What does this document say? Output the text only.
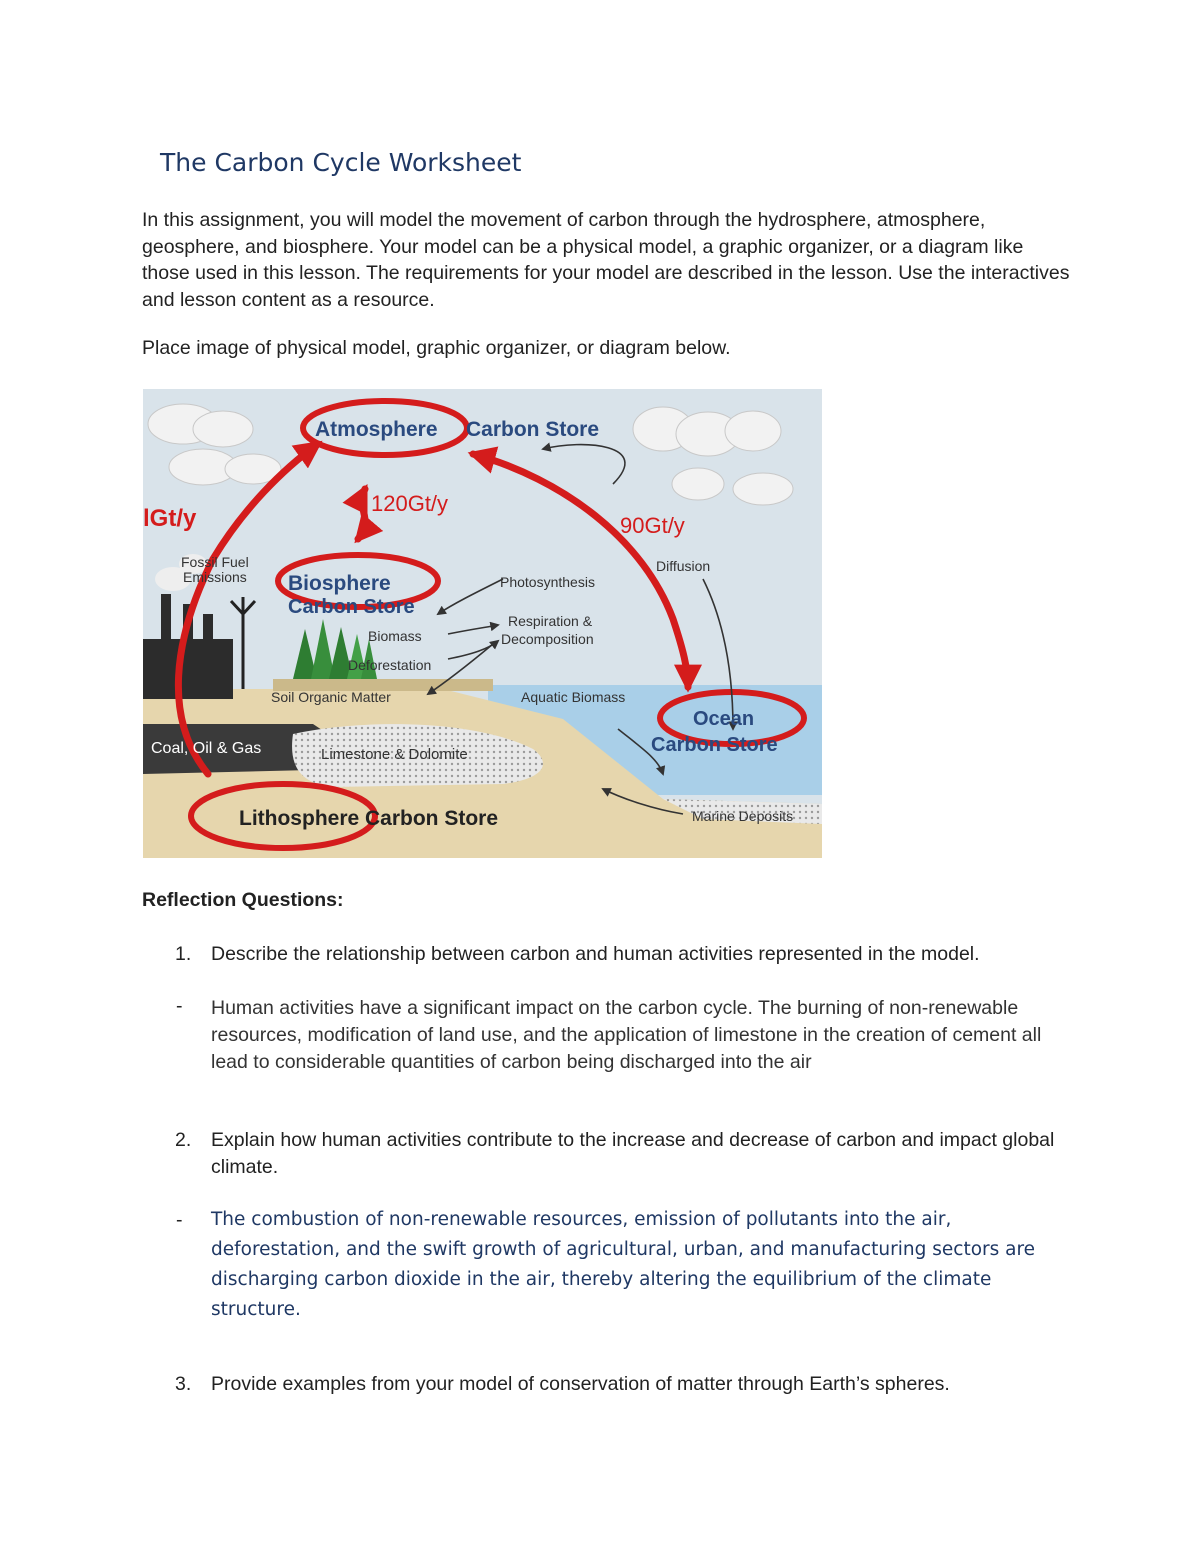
The Carbon Cycle Worksheet
In this assignment, you will model the movement of carbon through the hydrosphere, atmosphere, geosphere, and biosphere. Your model can be a physical model, a graphic organizer, or a diagram like those used in this lesson. The requirements for your model are described in the lesson. Use the interactives and lesson content as a resource.
Place image of physical model, graphic organizer, or diagram below.
Atmosphere Carbon Store
lGt/y
120Gt/y
90Gt/y
Fossil Fuel
Emissions Biosphere
Carbon Store
Photosynthesis
Diffusion
Respiration &
Decomposition
Biomass
Deforestation
Soil Organic Matter	Aquatic Biomass
Ocean
Carbon Store
Coal, Oil & Gas	Limestone & Dolomite
Lithosphere Carbon Store	Marine Deposits
Reflection Questions:
1. Describe the relationship between carbon and human activities represented in the model.
- Human activities have a significant impact on the carbon cycle. The burning of non-renewable resources, modification of land use, and the application of limestone in the creation of cement all lead to considerable quantities of carbon being discharged into the air
2. Explain how human activities contribute to the increase and decrease of carbon and impact global climate.
- The combustion of non-renewable resources, emission of pollutants into the air, deforestation, and the swift growth of agricultural, urban, and manufacturing sectors are discharging carbon dioxide in the air, thereby altering the equilibrium of the climate structure.
3. Provide examples from your model of conservation of matter through Earth’s spheres.
